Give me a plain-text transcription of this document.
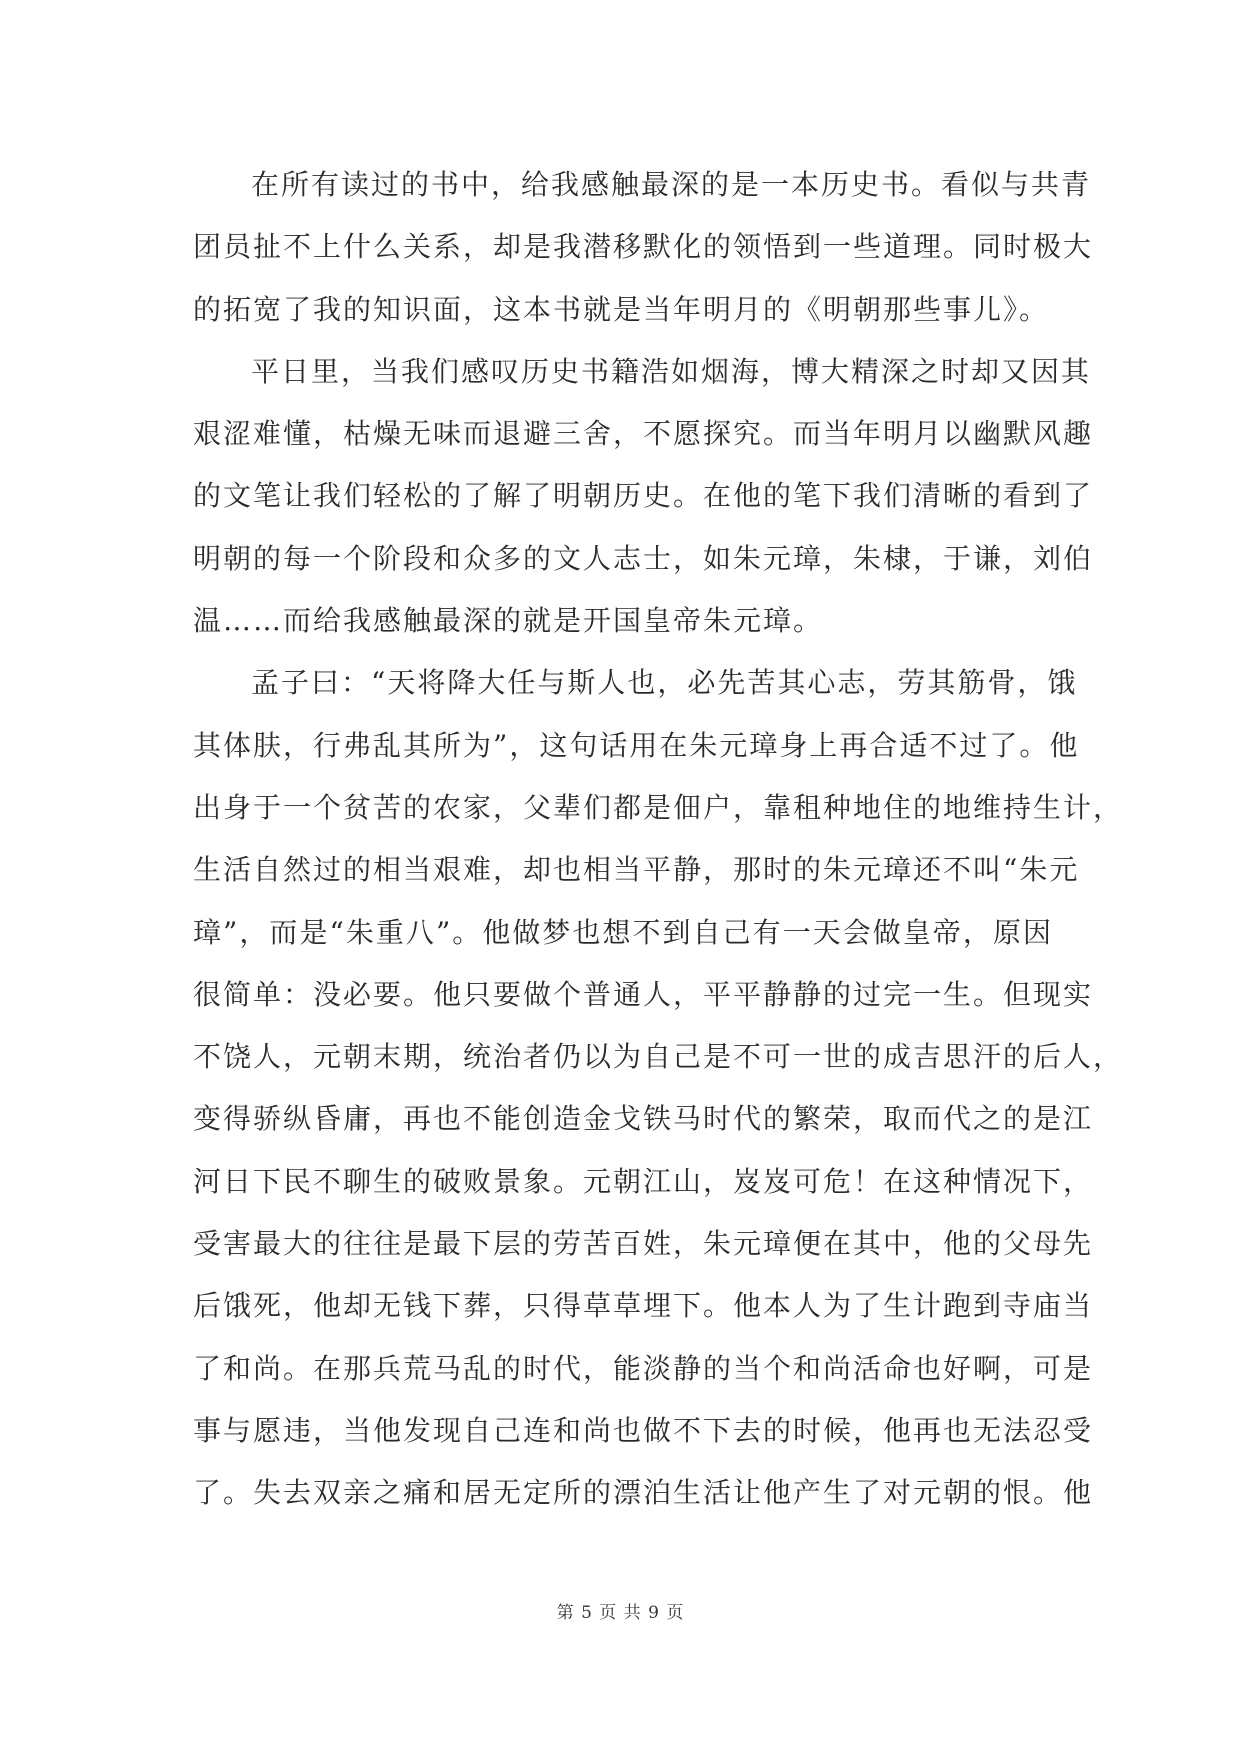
在所有读过的书中，给我感触最深的是一本历史书。看似与共青
团员扯不上什么关系，却是我潜移默化的领悟到一些道理。同时极大
的拓宽了我的知识面，这本书就是当年明月的《明朝那些事儿》。
平日里，当我们感叹历史书籍浩如烟海，博大精深之时却又因其
艰涩难懂，枯燥无味而退避三舍，不愿探究。而当年明月以幽默风趣
的文笔让我们轻松的了解了明朝历史。在他的笔下我们清晰的看到了
明朝的每一个阶段和众多的文人志士，如朱元璋，朱棣，于谦，刘伯
温……而给我感触最深的就是开国皇帝朱元璋。
孟子曰：“天将降大任与斯人也，必先苦其心志，劳其筋骨，饿
其体肤，行弗乱其所为”，这句话用在朱元璋身上再合适不过了。他
出身于一个贫苦的农家，父辈们都是佃户，靠租种地住的地维持生计，
生活自然过的相当艰难，却也相当平静，那时的朱元璋还不叫“朱元
璋”，而是“朱重八”。他做梦也想不到自己有一天会做皇帝，原因
很简单：没必要。他只要做个普通人，平平静静的过完一生。但现实
不饶人，元朝末期，统治者仍以为自己是不可一世的成吉思汗的后人，
变得骄纵昏庸，再也不能创造金戈铁马时代的繁荣，取而代之的是江
河日下民不聊生的破败景象。元朝江山，岌岌可危！在这种情况下，
受害最大的往往是最下层的劳苦百姓，朱元璋便在其中，他的父母先
后饿死，他却无钱下葬，只得草草埋下。他本人为了生计跑到寺庙当
了和尚。在那兵荒马乱的时代，能淡静的当个和尚活命也好啊，可是
事与愿违，当他发现自己连和尚也做不下去的时候，他再也无法忍受
了。失去双亲之痛和居无定所的漂泊生活让他产生了对元朝的恨。他
第 5 页 共 9 页
